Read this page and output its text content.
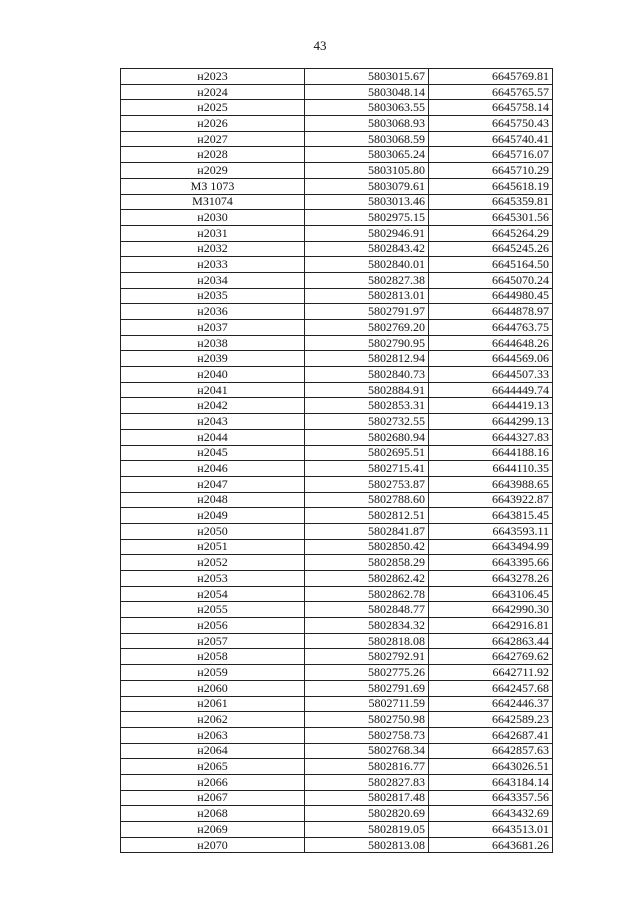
43
н2023	5803015.67	6645769.81
н2024	5803048.14	6645765.57
н2025	5803063.55	6645758.14
н2026	5803068.93	6645750.43
н2027	5803068.59	6645740.41
н2028	5803065.24	6645716.07
н2029	5803105.80	6645710.29
МЗ 1073	5803079.61	6645618.19
МЗ1074	5803013.46	6645359.81
н2030	5802975.15	6645301.56
н2031	5802946.91	6645264.29
н2032	5802843.42	6645245.26
н2033	5802840.01	6645164.50
н2034	5802827.38	6645070.24
н2035	5802813.01	6644980.45
н2036	5802791.97	6644878.97
н2037	5802769.20	6644763.75
н2038	5802790.95	6644648.26
н2039	5802812.94	6644569.06
н2040	5802840.73	6644507.33
н2041	5802884.91	6644449.74
н2042	5802853.31	6644419.13
н2043	5802732.55	6644299.13
н2044	5802680.94	6644327.83
н2045	5802695.51	6644188.16
н2046	5802715.41	6644110.35
н2047	5802753.87	6643988.65
н2048	5802788.60	6643922.87
н2049	5802812.51	6643815.45
н2050	5802841.87	6643593.11
н2051	5802850.42	6643494.99
н2052	5802858.29	6643395.66
н2053	5802862.42	6643278.26
н2054	5802862.78	6643106.45
н2055	5802848.77	6642990.30
н2056	5802834.32	6642916.81
н2057	5802818.08	6642863.44
н2058	5802792.91	6642769.62
н2059	5802775.26	6642711.92
н2060	5802791.69	6642457.68
н2061	5802711.59	6642446.37
н2062	5802750.98	6642589.23
н2063	5802758.73	6642687.41
н2064	5802768.34	6642857.63
н2065	5802816.77	6643026.51
н2066	5802827.83	6643184.14
н2067	5802817.48	6643357.56
н2068	5802820.69	6643432.69
н2069	5802819.05	6643513.01
н2070	5802813.08	6643681.26
